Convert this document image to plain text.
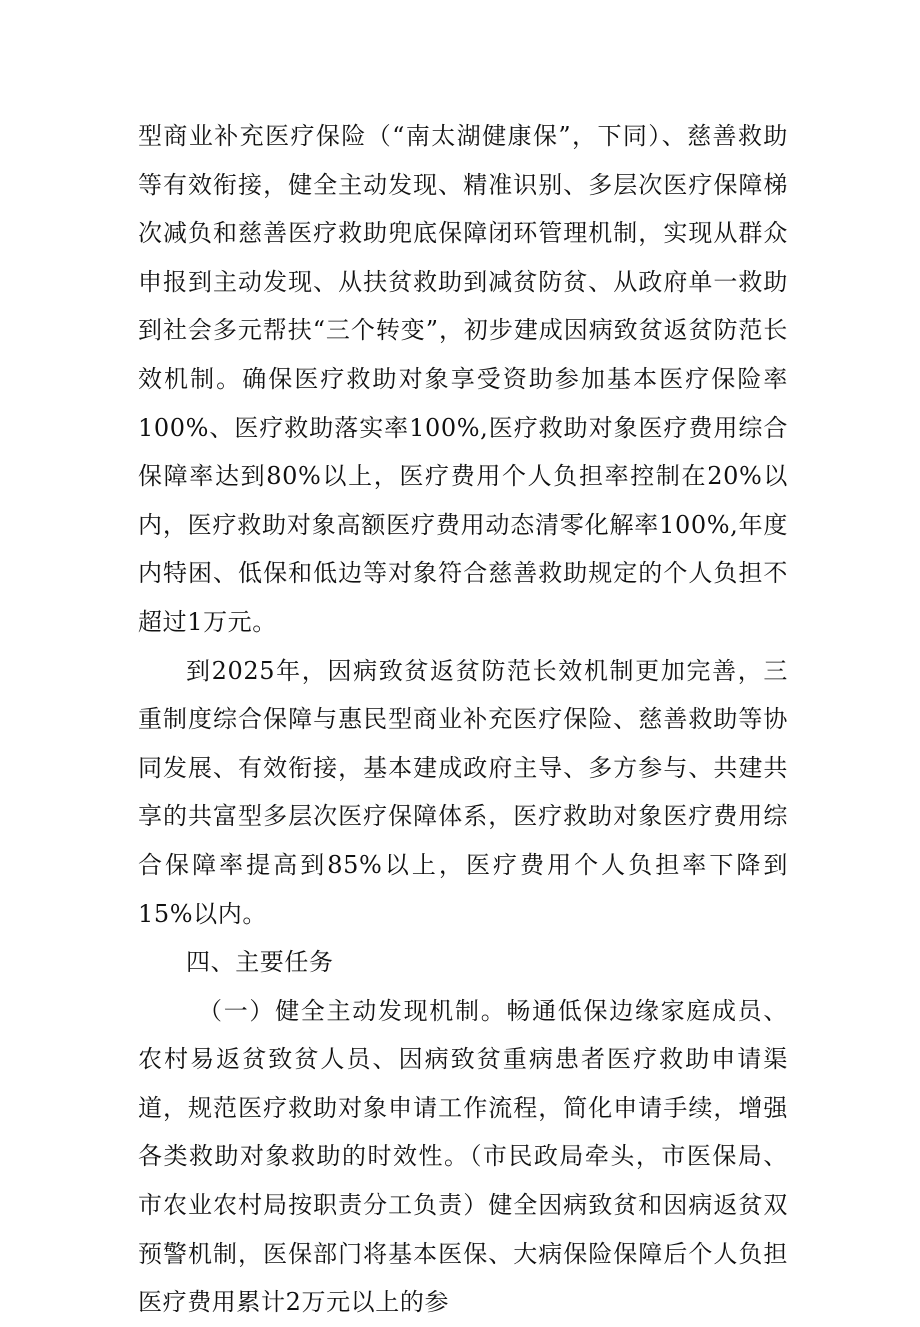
型商业补充医疗保险（“南太湖健康保”，下同）、慈善救助等有效衔接，健全主动发现、精准识别、多层次医疗保障梯次减负和慈善医疗救助兜底保障闭环管理机制，实现从群众申报到主动发现、从扶贫救助到减贫防贫、从政府单一救助到社会多元帮扶“三个转变”，初步建成因病致贫返贫防范长效机制。确保医疗救助对象享受资助参加基本医疗保险率100%、医疗救助落实率100%,医疗救助对象医疗费用综合保障率达到80%以上，医疗费用个人负担率控制在20%以内，医疗救助对象高额医疗费用动态清零化解率100%,年度内特困、低保和低边等对象符合慈善救助规定的个人负担不超过1万元。

到2025年，因病致贫返贫防范长效机制更加完善，三重制度综合保障与惠民型商业补充医疗保险、慈善救助等协同发展、有效衔接，基本建成政府主导、多方参与、共建共享的共富型多层次医疗保障体系，医疗救助对象医疗费用综合保障率提高到85%以上，医疗费用个人负担率下降到15%以内。

四、主要任务

（一）健全主动发现机制。畅通低保边缘家庭成员、农村易返贫致贫人员、因病致贫重病患者医疗救助申请渠道，规范医疗救助对象申请工作流程，简化申请手续，增强各类救助对象救助的时效性。（市民政局牵头，市医保局、市农业农村局按职责分工负责）健全因病致贫和因病返贫双预警机制，医保部门将基本医保、大病保险保障后个人负担医疗费用累计2万元以上的参
